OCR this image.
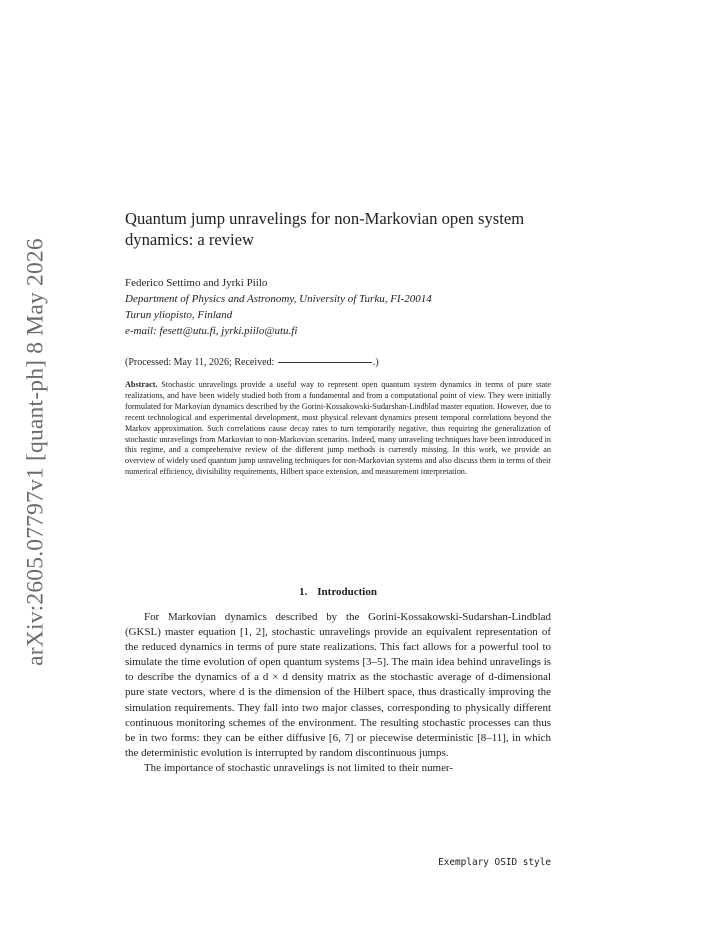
arXiv:2605.07797v1 [quant-ph] 8 May 2026
Quantum jump unravelings for non-Markovian open system dynamics: a review
Federico Settimo and Jyrki Piilo
Department of Physics and Astronomy, University of Turku, FI-20014
Turun yliopisto, Finland
e-mail: fesett@utu.fi, jyrki.piilo@utu.fi
(Processed: May 11, 2026; Received:	.)
Abstract. Stochastic unravelings provide a useful way to represent open quantum system dynamics in terms of pure state realizations, and have been widely studied both from a fundamental and from a computational point of view. They were initially formulated for Markovian dynamics described by the Gorini-Kossakowski-Sudarshan-Lindblad master equation. However, due to recent technological and experimental development, most physical relevant dynamics present temporal correlations beyond the Markov approximation. Such correlations cause decay rates to turn temporarily negative, thus requiring the generalization of stochastic unravelings from Markovian to non-Markovian scenarios. Indeed, many unraveling techniques have been introduced in this regime, and a comprehensive review of the different jump methods is currently missing. In this work, we provide an overview of widely used quantum jump unraveling techniques for non-Markovian systems and also discuss them in terms of their numerical efficiency, divisibility requirements, Hilbert space extension, and measurement interpretation.
1. Introduction

For Markovian dynamics described by the Gorini-Kossakowski-Sudarshan-Lindblad (GKSL) master equation [1, 2], stochastic unravelings provide an equivalent representation of the reduced dynamics in terms of pure state realizations. This fact allows for a powerful tool to simulate the time evolution of open quantum systems [3–5]. The main idea behind unravelings is to describe the dynamics of a d × d density matrix as the stochastic average of d-dimensional pure state vectors, where d is the dimension of the Hilbert space, thus drastically improving the simulation requirements. They fall into two major classes, corresponding to physically different continuous monitoring schemes of the environment. The resulting stochastic processes can thus be in two forms: they can be either diffusive [6, 7] or piecewise deterministic [8–11], in which the deterministic evolution is interrupted by random discontinuous jumps.

The importance of stochastic unravelings is not limited to their numer-

Exemplary OSID style
